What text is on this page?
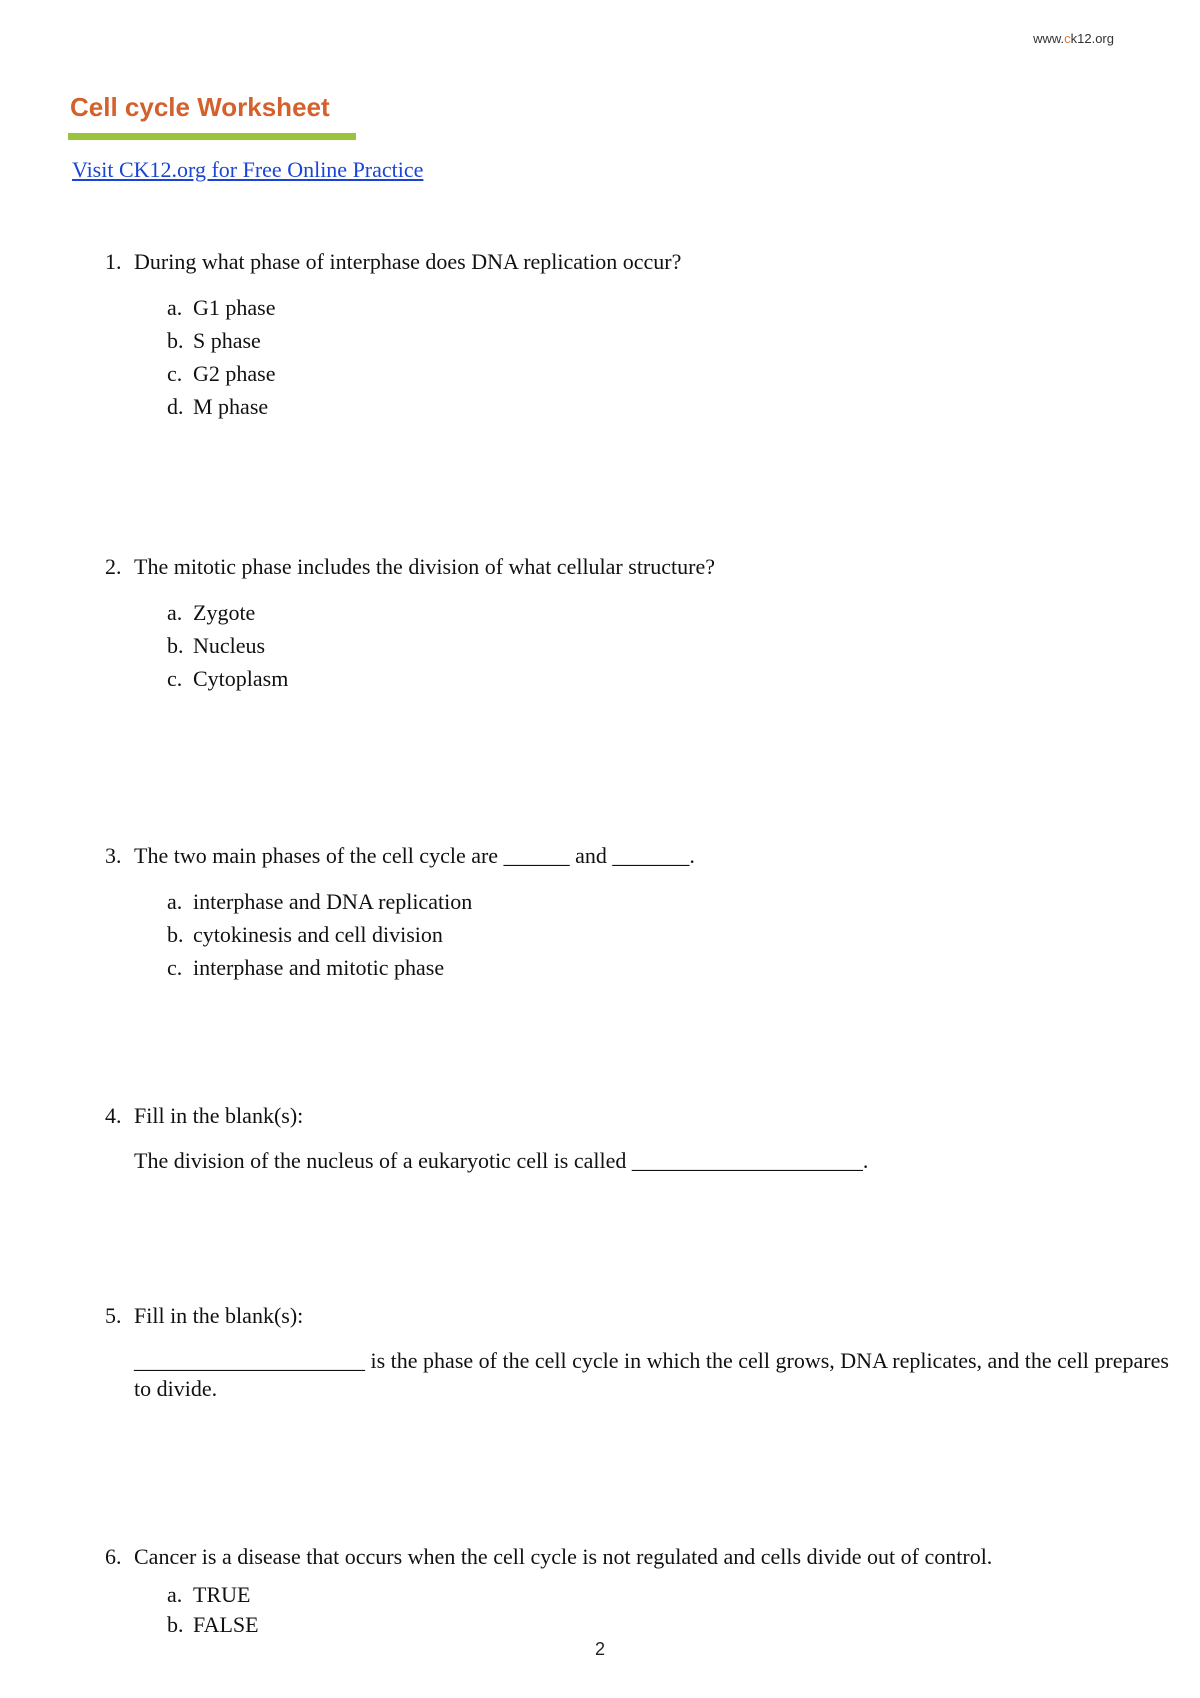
www.ck12.org
Cell cycle Worksheet
Visit CK12.org for Free Online Practice
1. During what phase of interphase does DNA replication occur?
a. G1 phase
b. S phase
c. G2 phase
d. M phase
2. The mitotic phase includes the division of what cellular structure?
a. Zygote
b. Nucleus
c. Cytoplasm
3. The two main phases of the cell cycle are ______ and _______.
a. interphase and DNA replication
b. cytokinesis and cell division
c. interphase and mitotic phase
4. Fill in the blank(s):
The division of the nucleus of a eukaryotic cell is called _____________________.
5. Fill in the blank(s):
_____________________ is the phase of the cell cycle in which the cell grows, DNA replicates, and the cell prepares to divide.
6. Cancer is a disease that occurs when the cell cycle is not regulated and cells divide out of control.
a. TRUE
b. FALSE
2
